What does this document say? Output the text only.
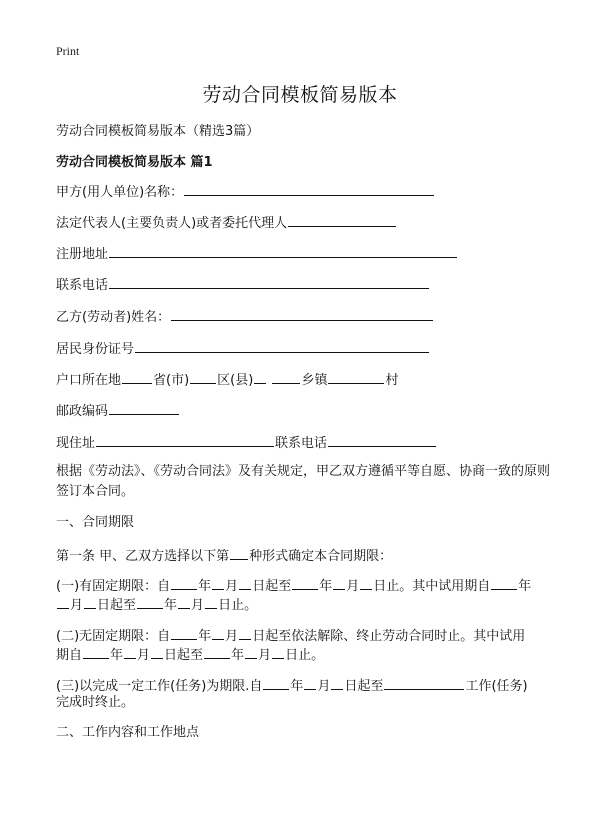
Print
劳动合同模板简易版本
劳动合同模板简易版本（精选3篇）
劳动合同模板简易版本 篇1
甲方(用人单位)名称：
法定代表人(主要负责人)或者委托代理人
注册地址
联系电话
乙方(劳动者)姓名：
居民身份证号
户口所在地 省(市) 区(县)	乡镇	村
邮政编码
现住址	联系电话
根据《劳动法》、《劳动合同法》及有关规定，甲乙双方遵循平等自愿、协商一致的原则签订本合同。
一、合同期限
第一条 甲、乙双方选择以下第 种形式确定本合同期限：
(一)有固定期限：自 年 月 日起至 年 月 日止。其中试用期自 年
月 日起至 年 月 日止。
(二)无固定期限：自 年 月 日起至依法解除、终止劳动合同时止。其中试用
期自 年 月 日起至 年 月 日止。
(三)以完成一定工作(任务)为期限.自 年 月 日起至	工作(任务)
完成时终止。
二、工作内容和工作地点
